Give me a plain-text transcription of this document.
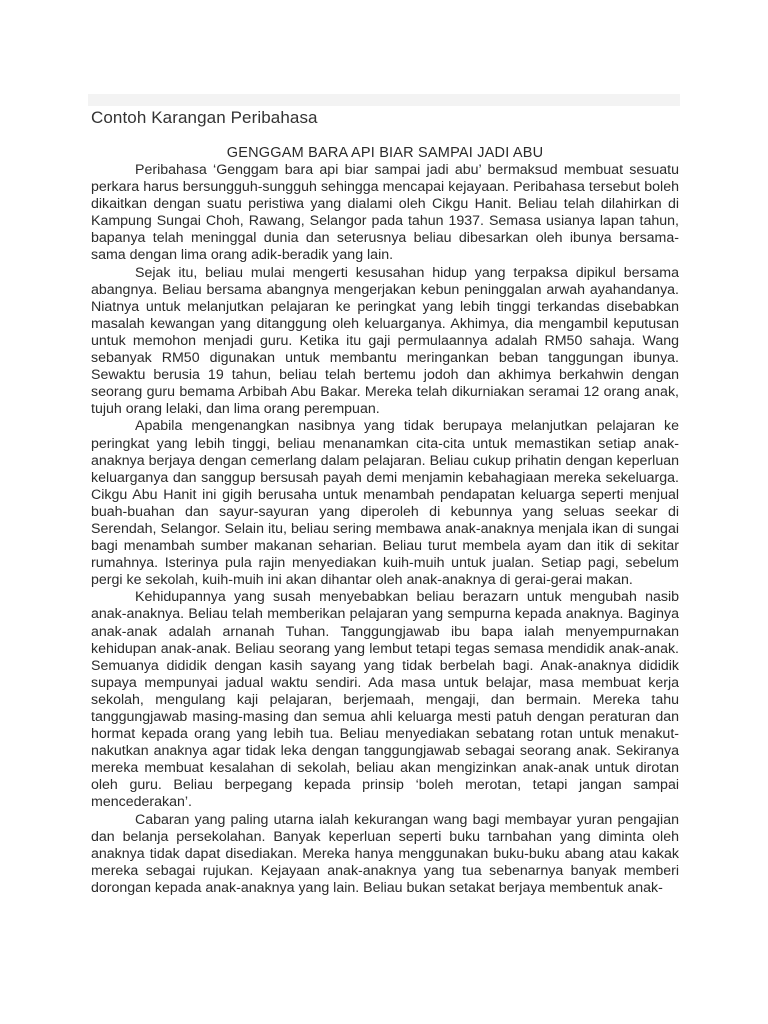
Contoh Karangan Peribahasa

GENGGAM BARA API BIAR SAMPAI JADI ABU

Peribahasa ‘Genggam bara api biar sampai jadi abu’ bermaksud membuat sesuatu perkara harus bersungguh-sungguh sehingga mencapai kejayaan. Peribahasa tersebut boleh dikaitkan dengan suatu peristiwa yang dialami oleh Cikgu Hanit. Beliau telah dilahirkan di Kampung Sungai Choh, Rawang, Selangor pada tahun 1937. Semasa usianya lapan tahun, bapanya telah meninggal dunia dan seterusnya beliau dibesarkan oleh ibunya bersama-sama dengan lima orang adik-beradik yang lain.

Sejak itu, beliau mulai mengerti kesusahan hidup yang terpaksa dipikul bersama abangnya. Beliau bersama abangnya mengerjakan kebun peninggalan arwah ayahandanya. Niatnya untuk melanjutkan pelajaran ke peringkat yang lebih tinggi terkandas disebabkan masalah kewangan yang ditanggung oleh keluarganya. Akhimya, dia mengambil keputusan untuk memohon menjadi guru. Ketika itu gaji permulaannya adalah RM50 sahaja. Wang sebanyak RM50 digunakan untuk membantu meringankan beban tanggungan ibunya. Sewaktu berusia 19 tahun, beliau telah bertemu jodoh dan akhimya berkahwin dengan seorang guru bemama Arbibah Abu Bakar. Mereka telah dikurniakan seramai 12 orang anak, tujuh orang lelaki, dan lima orang perempuan.

Apabila mengenangkan nasibnya yang tidak berupaya melanjutkan pelajaran ke peringkat yang lebih tinggi, beliau menanamkan cita-cita untuk memastikan setiap anak-anaknya berjaya dengan cemerlang dalam pelajaran. Beliau cukup prihatin dengan keperluan keluarganya dan sanggup bersusah payah demi menjamin kebahagiaan mereka sekeluarga. Cikgu Abu Hanit ini gigih berusaha untuk menambah pendapatan keluarga seperti menjual buah-buahan dan sayur-sayuran yang diperoleh di kebunnya yang seluas seekar di Serendah, Selangor. Selain itu, beliau sering membawa anak-anaknya menjala ikan di sungai bagi menambah sumber makanan seharian. Beliau turut membela ayam dan itik di sekitar rumahnya. Isterinya pula rajin menyediakan kuih-muih untuk jualan. Setiap pagi, sebelum pergi ke sekolah, kuih-muih ini akan dihantar oleh anak-anaknya di gerai-gerai makan.

Kehidupannya yang susah menyebabkan beliau berazarn untuk mengubah nasib anak-anaknya. Beliau telah memberikan pelajaran yang sempurna kepada anaknya. Baginya anak-anak adalah arnanah Tuhan. Tanggungjawab ibu bapa ialah menyempurnakan kehidupan anak-anak. Beliau seorang yang lembut tetapi tegas semasa mendidik anak-anak. Semuanya dididik dengan kasih sayang yang tidak berbelah bagi. Anak-anaknya dididik supaya mempunyai jadual waktu sendiri. Ada masa untuk belajar, masa membuat kerja sekolah, mengulang kaji pelajaran, berjemaah, mengaji, dan bermain. Mereka tahu tanggungjawab masing-masing dan semua ahli keluarga mesti patuh dengan peraturan dan hormat kepada orang yang lebih tua. Beliau menyediakan sebatang rotan untuk menakut-nakutkan anaknya agar tidak leka dengan tanggungjawab sebagai seorang anak. Sekiranya mereka membuat kesalahan di sekolah, beliau akan mengizinkan anak-anak untuk dirotan oleh guru. Beliau berpegang kepada prinsip ‘boleh merotan, tetapi jangan sampai mencederakan’.

Cabaran yang paling utarna ialah kekurangan wang bagi membayar yuran pengajian dan belanja persekolahan. Banyak keperluan seperti buku tarnbahan yang diminta oleh anaknya tidak dapat disediakan. Mereka hanya menggunakan buku-buku abang atau kakak mereka sebagai rujukan. Kejayaan anak-anaknya yang tua sebenarnya banyak memberi dorongan kepada anak-anaknya yang lain. Beliau bukan setakat berjaya membentuk anak-
